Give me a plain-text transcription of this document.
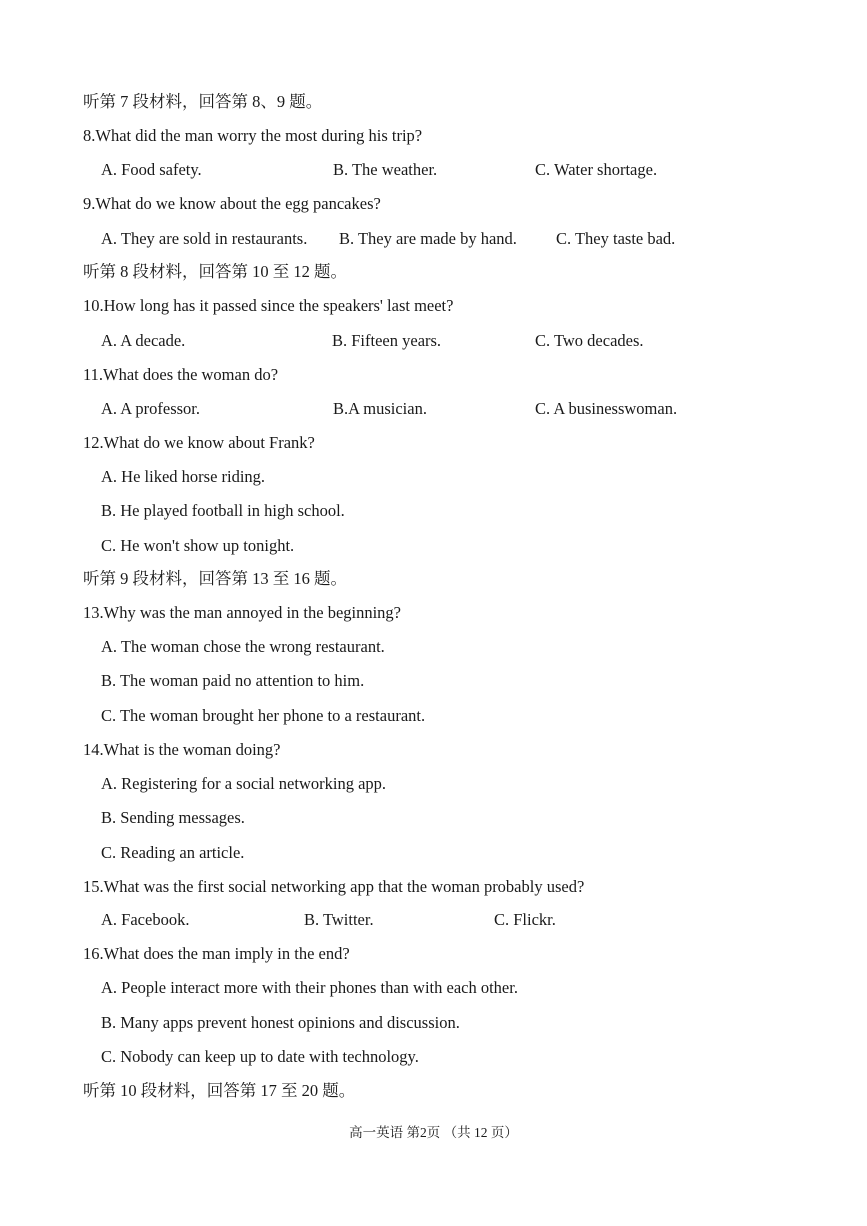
听第 7 段材料，回答第 8、9 题。
8.What did the man worry the most during his trip?
A. Food safety.	B. The weather.	C. Water shortage.
9.What do we know about the egg pancakes?
A. They are sold in restaurants. B. They are made by hand. C. They taste bad.
听第 8 段材料，回答第 10 至 12 题。
10.How long has it passed since the speakers' last meet?
A. A decade.	B. Fifteen years.	C. Two decades.
11.What does the woman do?
A. A professor.	B.A musician.	C. A businesswoman.
12.What do we know about Frank?
A. He liked horse riding.
B. He played football in high school.
C. He won't show up tonight.
听第 9 段材料，回答第 13 至 16 题。
13.Why was the man annoyed in the beginning?
A. The woman chose the wrong restaurant.
B. The woman paid no attention to him.
C. The woman brought her phone to a restaurant.
14.What is the woman doing?
A. Registering for a social networking app.
B. Sending messages.
C. Reading an article.
15.What was the first social networking app that the woman probably used?
A. Facebook.	B. Twitter.	C. Flickr.
16.What does the man imply in the end?
A. People interact more with their phones than with each other.
B. Many apps prevent honest opinions and discussion.
C. Nobody can keep up to date with technology.
听第 10 段材料，回答第 17 至 20 题。
高一英语 第2页 （共 12 页）
